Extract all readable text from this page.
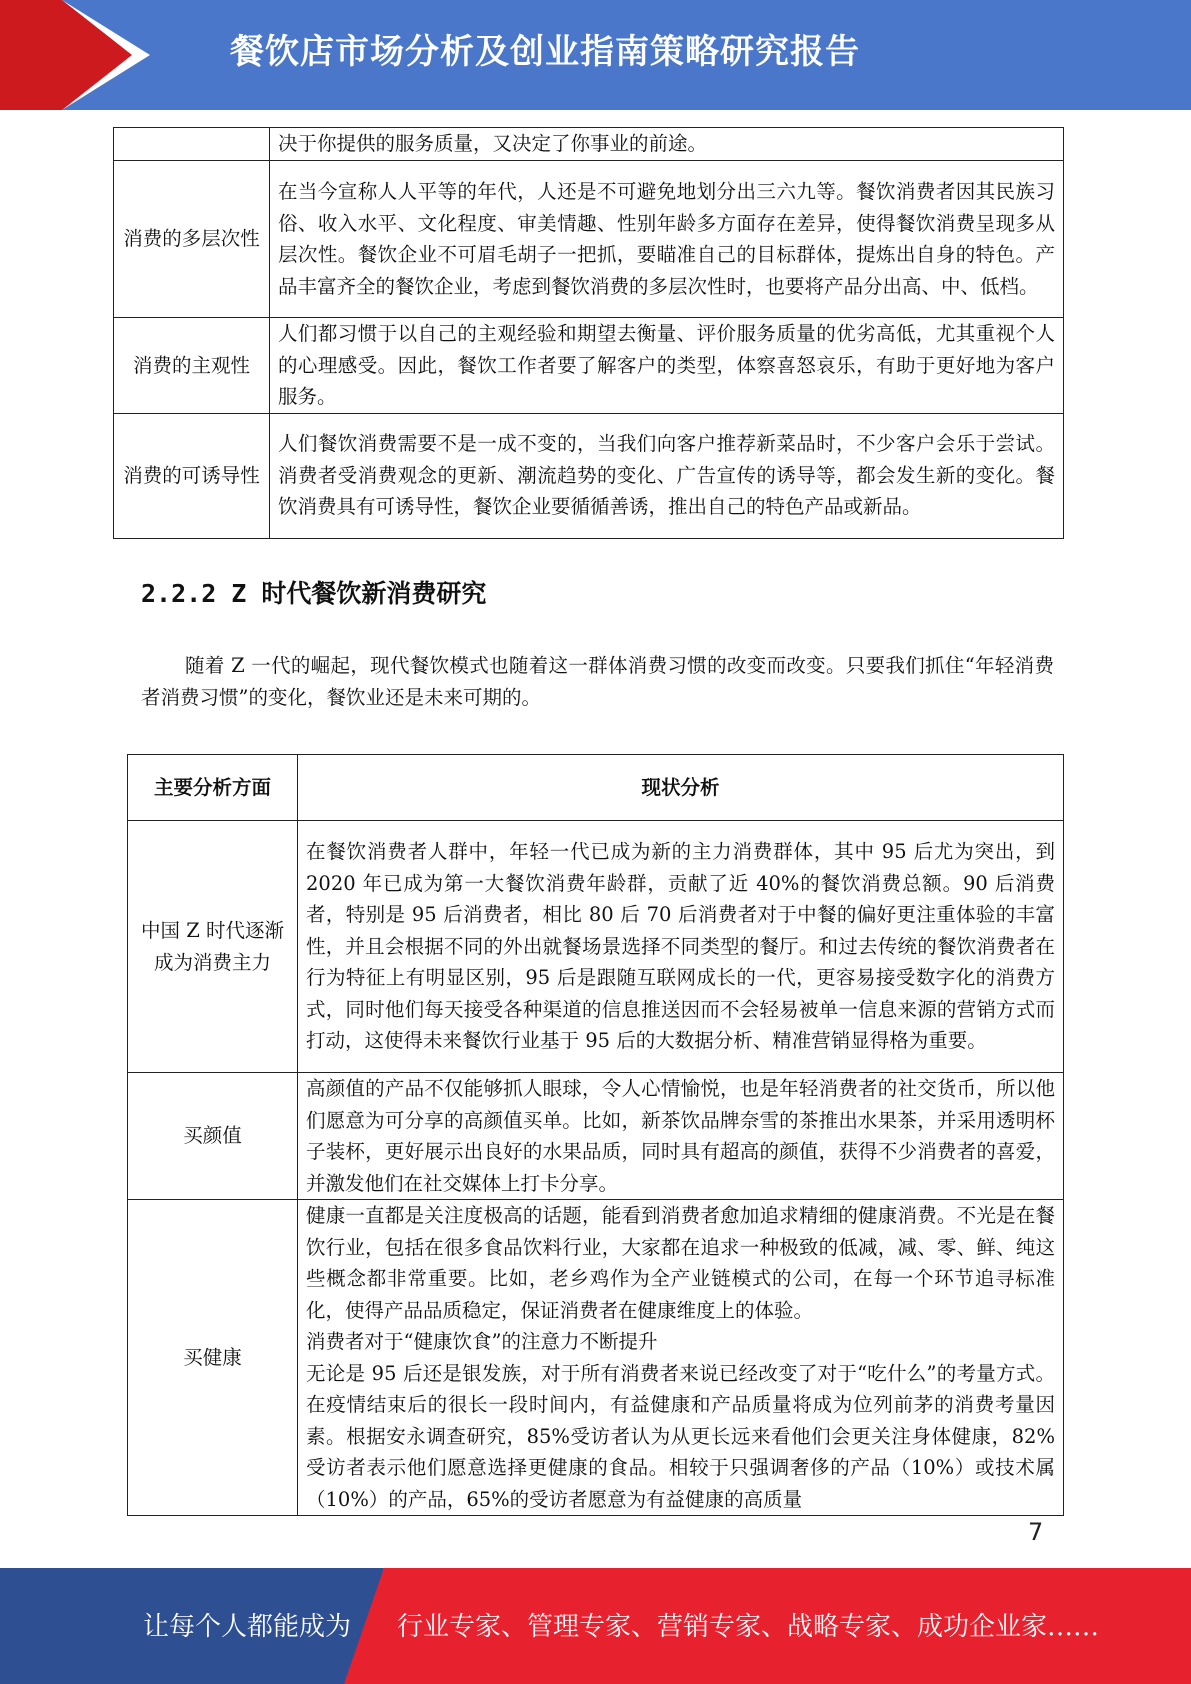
餐饮店市场分析及创业指南策略研究报告
	决于你提供的服务质量，又决定了你事业的前途。
消费的多层次性	在当今宣称人人平等的年代，人还是不可避免地划分出三六九等。餐饮消费者因其民族习俗、收入水平、文化程度、审美情趣、性别年龄多方面存在差异，使得餐饮消费呈现多从层次性。餐饮企业不可眉毛胡子一把抓，要瞄准自己的目标群体，提炼出自身的特色。产品丰富齐全的餐饮企业，考虑到餐饮消费的多层次性时，也要将产品分出高、中、低档。
消费的主观性	人们都习惯于以自己的主观经验和期望去衡量、评价服务质量的优劣高低，尤其重视个人的心理感受。因此，餐饮工作者要了解客户的类型，体察喜怒哀乐，有助于更好地为客户服务。
消费的可诱导性	人们餐饮消费需要不是一成不变的，当我们向客户推荐新菜品时，不少客户会乐于尝试。消费者受消费观念的更新、潮流趋势的变化、广告宣传的诱导等，都会发生新的变化。餐饮消费具有可诱导性，餐饮企业要循循善诱，推出自己的特色产品或新品。
2.2.2 Z 时代餐饮新消费研究
随着 Z 一代的崛起，现代餐饮模式也随着这一群体消费习惯的改变而改变。只要我们抓住“年轻消费者消费习惯”的变化，餐饮业还是未来可期的。
主要分析方面	现状分析
中国 Z 时代逐渐成为消费主力	在餐饮消费者人群中，年轻一代已成为新的主力消费群体，其中 95 后尤为突出，到 2020 年已成为第一大餐饮消费年龄群，贡献了近 40%的餐饮消费总额。90 后消费者，特别是 95 后消费者，相比 80 后 70 后消费者对于中餐的偏好更注重体验的丰富性，并且会根据不同的外出就餐场景选择不同类型的餐厅。和过去传统的餐饮消费者在行为特征上有明显区别，95 后是跟随互联网成长的一代，更容易接受数字化的消费方式，同时他们每天接受各种渠道的信息推送因而不会轻易被单一信息来源的营销方式而打动，这使得未来餐饮行业基于 95 后的大数据分析、精准营销显得格为重要。
买颜值	高颜值的产品不仅能够抓人眼球，令人心情愉悦，也是年轻消费者的社交货币，所以他们愿意为可分享的高颜值买单。比如，新茶饮品牌奈雪的茶推出水果茶，并采用透明杯子装杯，更好展示出良好的水果品质，同时具有超高的颜值，获得不少消费者的喜爱，并激发他们在社交媒体上打卡分享。
买健康	健康一直都是关注度极高的话题，能看到消费者愈加追求精细的健康消费。不光是在餐饮行业，包括在很多食品饮料行业，大家都在追求一种极致的低减，减、零、鲜、纯这些概念都非常重要。比如，老乡鸡作为全产业链模式的公司，在每一个环节追寻标准化，使得产品品质稳定，保证消费者在健康维度上的体验。
消费者对于“健康饮食”的注意力不断提升
无论是 95 后还是银发族，对于所有消费者来说已经改变了对于“吃什么”的考量方式。在疫情结束后的很长一段时间内，有益健康和产品质量将成为位列前茅的消费考量因素。根据安永调查研究，85%受访者认为从更长远来看他们会更关注身体健康，82%受访者表示他们愿意选择更健康的食品。相较于只强调奢侈的产品（10%）或技术属（10%）的产品，65%的受访者愿意为有益健康的高质量
7
让每个人都能成为 行业专家、管理专家、营销专家、战略专家、成功企业家……
